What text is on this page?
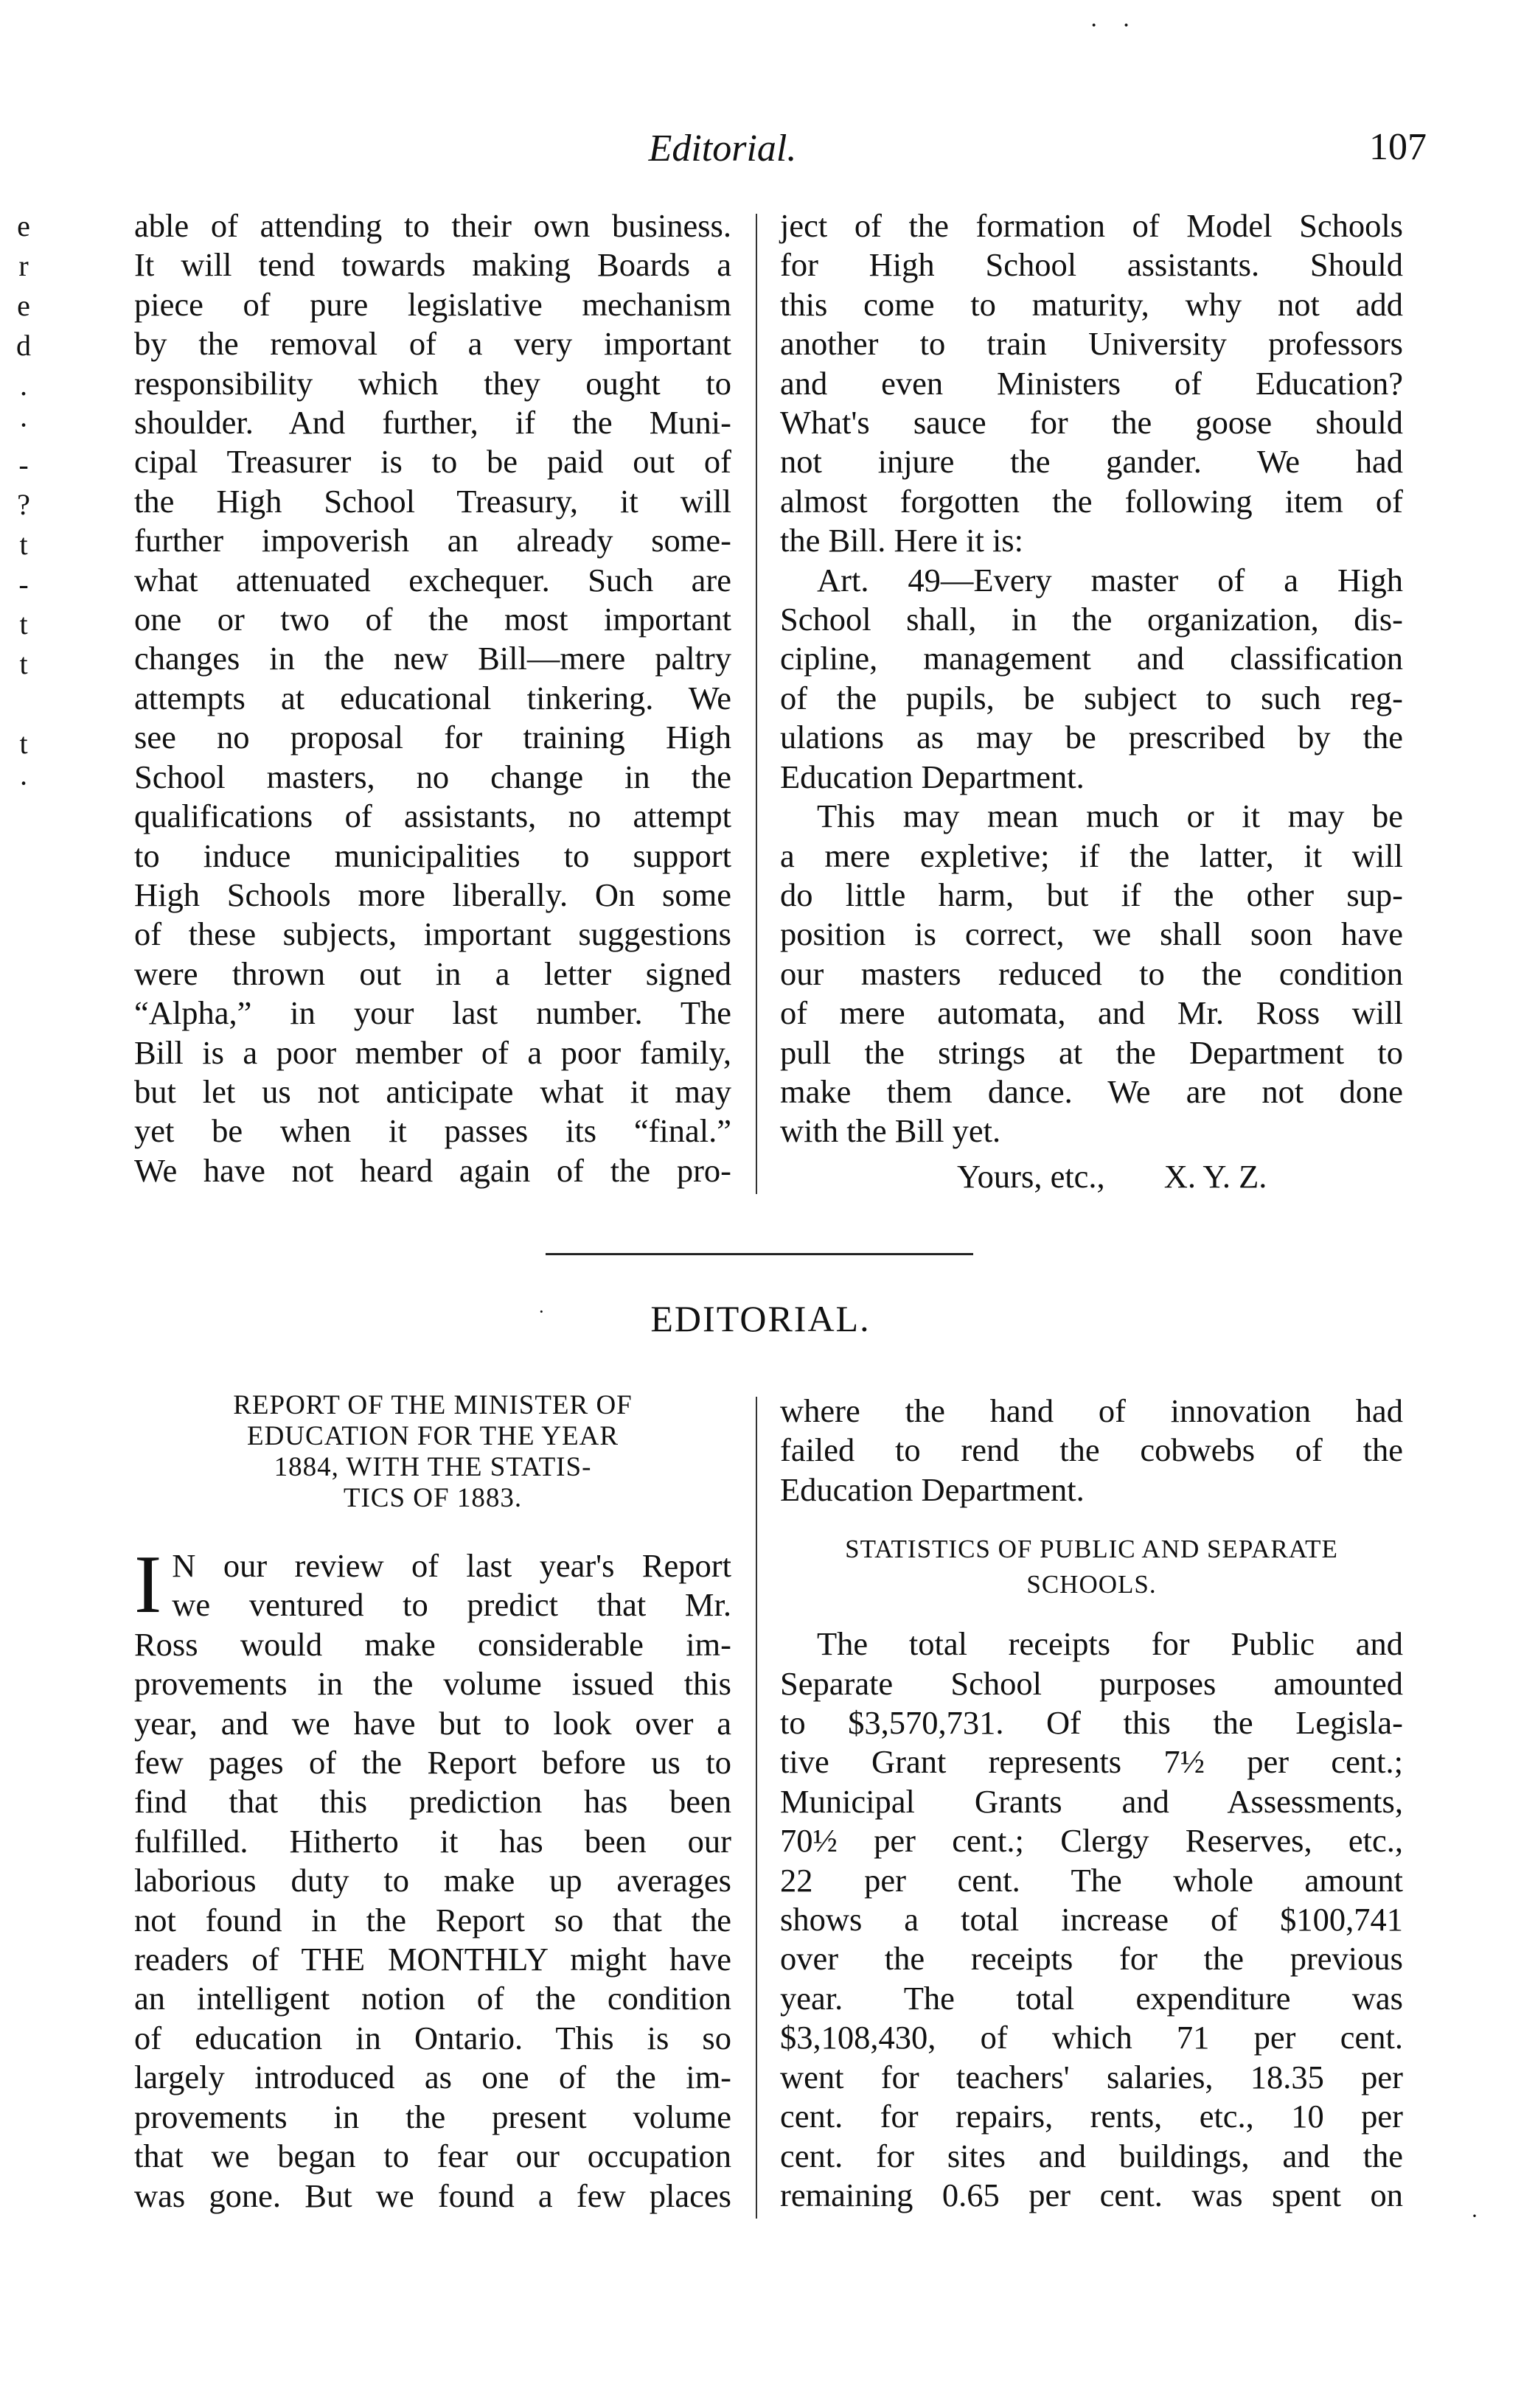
· ·
Editorial.	107
e
r
e
d
.
·
-
?
t
-
t
t
t
·
able of attending to their own business.
It will tend towards making Boards a
piece of pure legislative mechanism
by the removal of a very important
responsibility which they ought to
shoulder. And further, if the Muni-
cipal Treasurer is to be paid out of
the High School Treasury, it will
further impoverish an already some-
what attenuated exchequer. Such are
one or two of the most important
changes in the new Bill—mere paltry
attempts at educational tinkering. We
see no proposal for training High
School masters, no change in the
qualifications of assistants, no attempt
to induce municipalities to support
High Schools more liberally. On some
of these subjects, important suggestions
were thrown out in a letter signed
“Alpha,” in your last number. The
Bill is a poor member of a poor family,
but let us not anticipate what it may
yet be when it passes its “final.”
We have not heard again of the pro-

ject of the formation of Model Schools
for High School assistants. Should
this come to maturity, why not add
another to train University professors
and even Ministers of Education?
What's sauce for the goose should
not injure the gander. We had
almost forgotten the following item of
the Bill. Here it is:

Art. 49—Every master of a High
School shall, in the organization, dis-
cipline, management and classification
of the pupils, be subject to such reg-
ulations as may be prescribed by the
Education Department.

This may mean much or it may be
a mere expletive; if the latter, it will
do little harm, but if the other sup-
position is correct, we shall soon have
our masters reduced to the condition
of mere automata, and Mr. Ross will
pull the strings at the Department to
make them dance. We are not done
with the Bill yet.

Yours, etc., X. Y. Z.
·	EDITORIAL.
REPORT OF THE MINISTER OF
EDUCATION FOR THE YEAR
1884, WITH THE STATIS-
TICS OF 1883.

I N our review of last year's Report
we ventured to predict that Mr.
Ross would make considerable im-
provements in the volume issued this
year, and we have but to look over a
few pages of the Report before us to
find that this prediction has been
fulfilled. Hitherto it has been our
laborious duty to make up averages
not found in the Report so that the
readers of THE MONTHLY might have
an intelligent notion of the condition
of education in Ontario. This is so
largely introduced as one of the im-
provements in the present volume
that we began to fear our occupation
was gone. But we found a few places

where the hand of innovation had
failed to rend the cobwebs of the
Education Department.

STATISTICS OF PUBLIC AND SEPARATE
SCHOOLS.

The total receipts for Public and
Separate School purposes amounted
to $3,570,731. Of this the Legisla-
tive Grant represents 7½ per cent.;
Municipal Grants and Assessments,
70½ per cent.; Clergy Reserves, etc.,
22 per cent. The whole amount
shows a total increase of $100,741
over the receipts for the previous
year. The total expenditure was
$3,108,430, of which 71 per cent.
went for teachers' salaries, 18.35 per
cent. for repairs, rents, etc., 10 per
cent. for sites and buildings, and the
remaining 0.65 per cent. was spent on

·
